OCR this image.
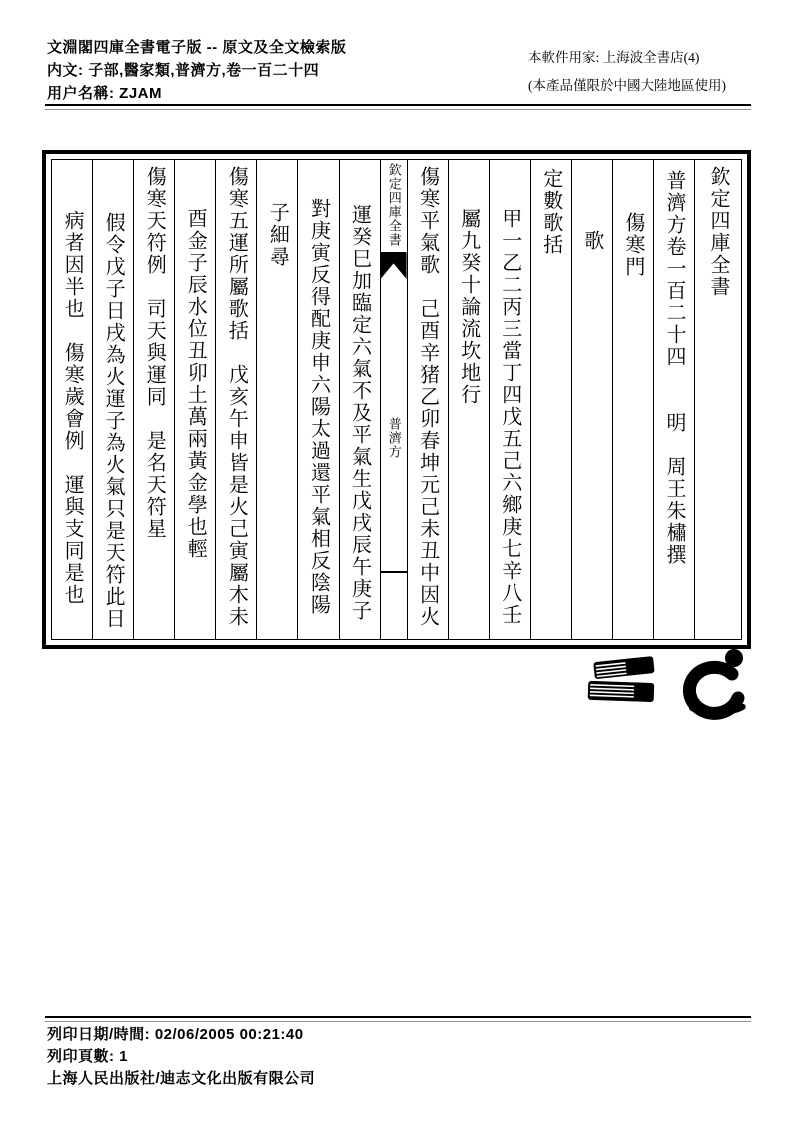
文淵閣四庫全書電子版 -- 原文及全文檢索版
内文: 子部,醫家類,普濟方,卷一百二十四
用户名稱: ZJAM
本軟件用家: 上海波全書店(4)
(本產品僅限於中國大陸地區使用)
欽定四庫全書
普濟方卷一百二十四　　明　周王朱橚撰
傷寒門
歌
定數歌括
甲一乙二丙三當丁四戊五己六鄉庚七辛八壬
屬九癸十論流坎地行
傷寒平氣歌　己酉辛猪乙卯春坤元己未丑中因火
欽定四庫全書
普濟方
運癸巳加臨定六氣不及平氣生戊戌辰午庚子
對庚寅反得配庚申六陽太過還平氣相反陰陽
子細尋
傷寒五運所屬歌括　戊亥午申皆是火己寅屬木未
酉金子辰水位丑卯土萬兩黃金學也輕
傷寒天符例　司天與運同　是名天符星
假令戊子日戌為火運子為火氣只是天符此日
病者因半也　傷寒歲會例　運與支同是也
列印日期/時間: 02/06/2005 00:21:40
列印頁數: 1
上海人民出版社/迪志文化出版有限公司
